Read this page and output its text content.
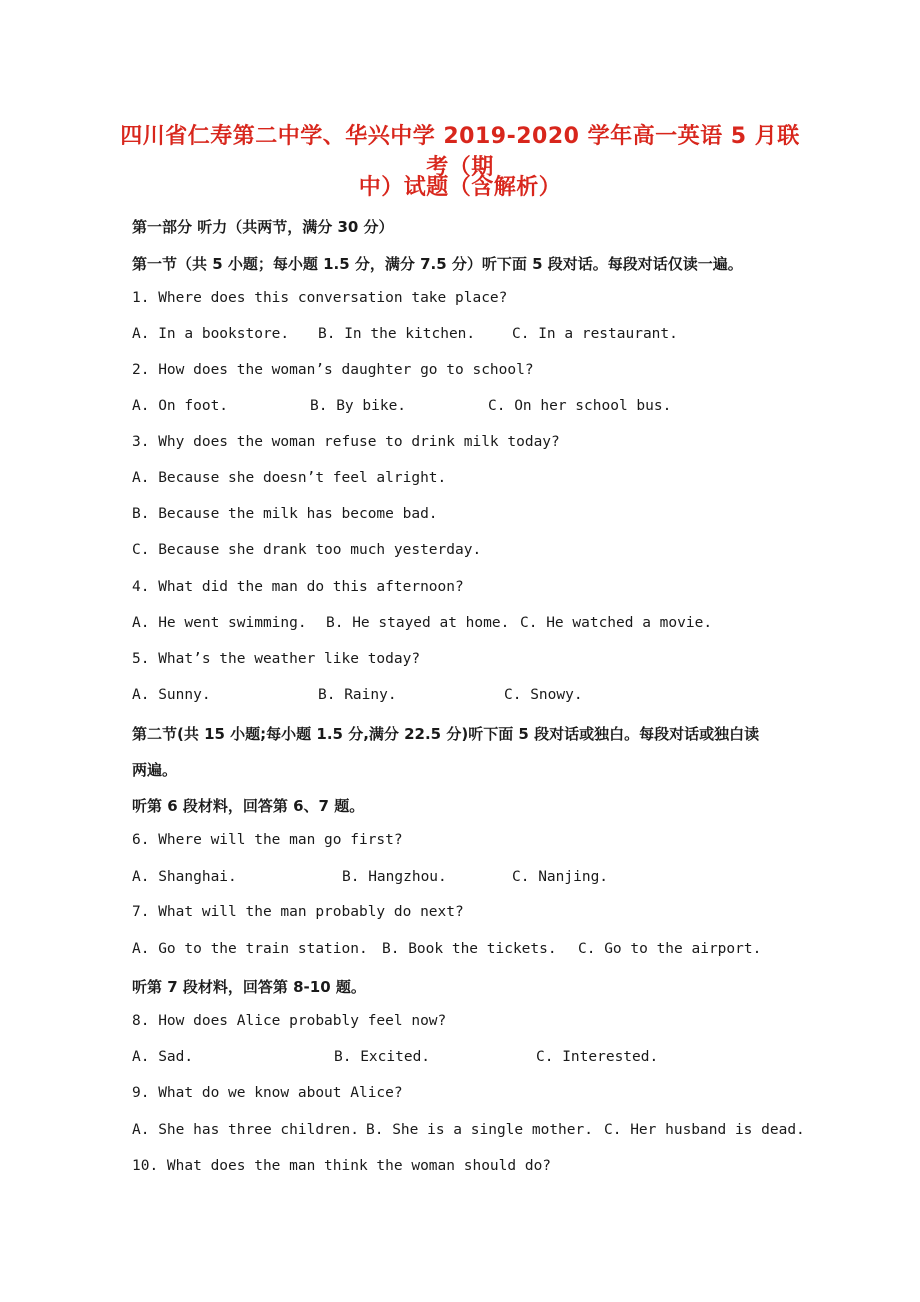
四川省仁寿第二中学、华兴中学 2019-2020 学年高一英语 5 月联考（期
中）试题（含解析）
第一部分 听力（共两节，满分 30 分）
第一节（共 5 小题；每小题 1.5 分，满分 7.5 分）听下面 5 段对话。每段对话仅读一遍。
1. Where does this conversation take place?
A. In a bookstore. B. In the kitchen.	C. In a restaurant.
2. How does the woman’s daughter go to school?
A. On foot.	B. By bike.	C. On her school bus.
3. Why does the woman refuse to drink milk today?
A. Because she doesn’t feel alright.
B. Because the milk has become bad.
C. Because she drank too much yesterday.
4. What did the man do this afternoon?
A. He went swimming. B. He stayed at home. C. He watched a movie.
5. What’s the weather like today?
A. Sunny.	B. Rainy.	C. Snowy.
第二节(共 15 小题;每小题 1.5 分,满分 22.5 分)听下面 5 段对话或独白。每段对话或独白读
两遍。
听第 6 段材料，回答第 6、7 题。
6. Where will the man go first?
A. Shanghai.	B. Hangzhou.	C. Nanjing.
7. What will the man probably do next?
A. Go to the train station. B. Book the tickets. C. Go to the airport.
听第 7 段材料，回答第 8-10 题。
8. How does Alice probably feel now?
A. Sad.	B. Excited.	C. Interested.
9. What do we know about Alice?
A. She has three children. B. She is a single mother. C. Her husband is dead.
10. What does the man think the woman should do?
